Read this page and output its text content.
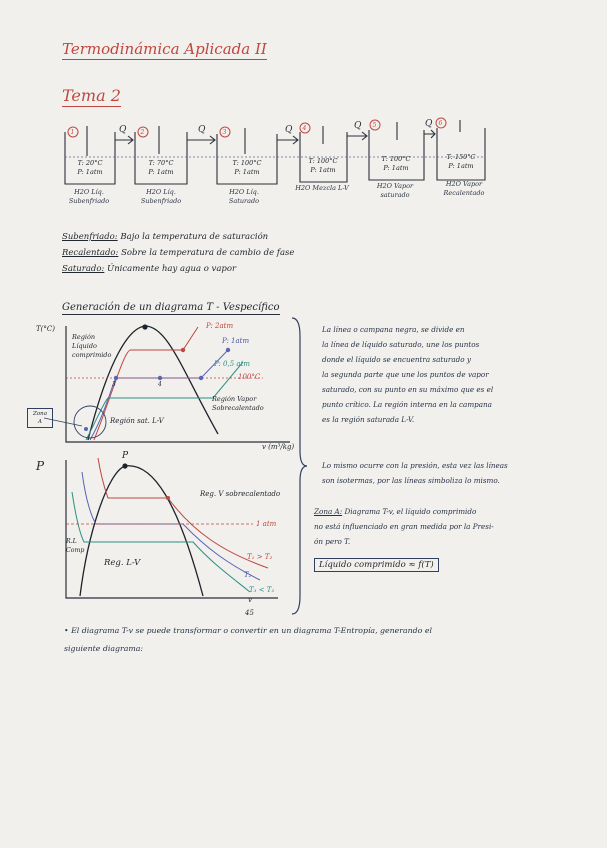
Termodinámica Aplicada II
Tema 2
1	2	3
4	5	6
Q	Q	Q	Q	Q
T: 20°C
P: 1atm
T: 70°C
P: 1atm
T: 100°C
P: 1atm
T: 100°C
P: 1atm
T: 100°C
P: 1atm
T: 150°C
P: 1atm
H2O Líq. Subenfriado
H2O Líq. Subenfriado
H2O Líq. Saturado
H2O Mezcla L-V	H2O Vapor saturado
H2O Vapor Recalentado
Subenfriado: Bajo la temperatura de saturación
Recalentado: Sobre la temperatura de cambio de fase
Saturado: Únicamente hay agua o vapor
Generación de un diagrama T - Vespecífico
3	4
T(°C)
v (m³/kg)
Región Líquido comprimido
P: 2atm
P: 1atm
P: 0,5 atm
100°C
Región Vapor Sobrecalentado
Región sat. L-V
Zona A
P
v
P
Reg. V sobrecalentado
1 atm
R.L Comp
Reg. L-V
T₁ > T₂
T₂
T₃ < T₂
La línea o campana negra, se divide en
la línea de líquido saturado, une los puntos
donde el líquido se encuentra saturado y
la segunda parte que une los puntos de vapor
saturado, con su punto en su máximo que es el
punto crítico. La región interna en la campana
es la región saturada L-V.
Lo mismo ocurre con la presión, esta vez las líneas
son isotermas, por las líneas simboliza lo mismo.
Zona A: Diagrama T-v, el líquido comprimido
no está influenciado en gran medida por la Presi-
ón pero T.
Líquido comprimido ≈ f(T)
45
• El diagrama T-v se puede transformar o convertir en un diagrama T-Entropía, generando el
siguiente diagrama:
